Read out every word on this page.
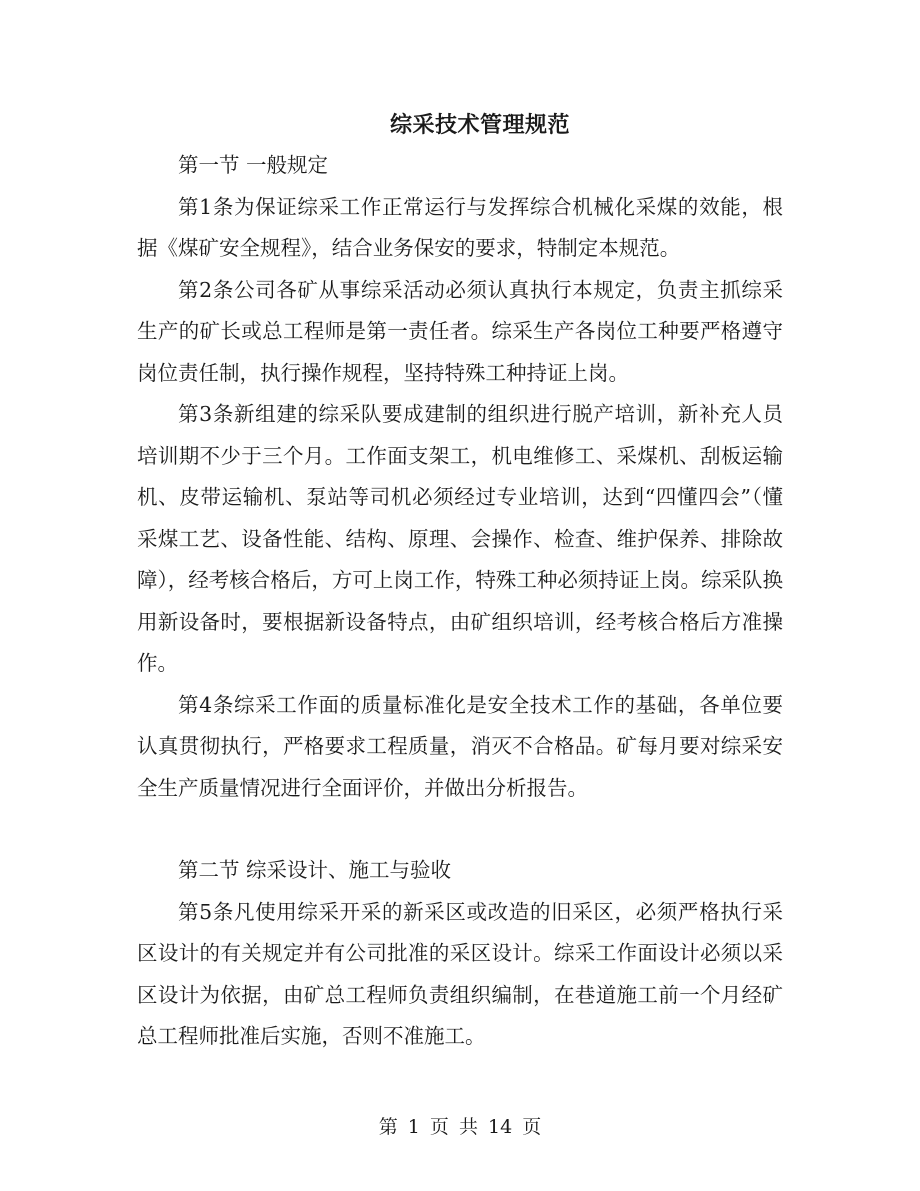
综采技术管理规范

第一节 一般规定

第1条为保证综采工作正常运行与发挥综合机械化采煤的效能，根据《煤矿安全规程》，结合业务保安的要求，特制定本规范。

第2条公司各矿从事综采活动必须认真执行本规定，负责主抓综采生产的矿长或总工程师是第一责任者。综采生产各岗位工种要严格遵守岗位责任制，执行操作规程，坚持特殊工种持证上岗。

第3条新组建的综采队要成建制的组织进行脱产培训，新补充人员培训期不少于三个月。工作面支架工，机电维修工、采煤机、刮板运输机、皮带运输机、泵站等司机必须经过专业培训，达到“四懂四会”（懂采煤工艺、设备性能、结构、原理、会操作、检查、维护保养、排除故障），经考核合格后，方可上岗工作，特殊工种必须持证上岗。综采队换用新设备时，要根据新设备特点，由矿组织培训，经考核合格后方准操作。

第4条综采工作面的质量标准化是安全技术工作的基础，各单位要认真贯彻执行，严格要求工程质量，消灭不合格品。矿每月要对综采安全生产质量情况进行全面评价，并做出分析报告。

第二节 综采设计、施工与验收

第5条凡使用综采开采的新采区或改造的旧采区，必须严格执行采区设计的有关规定并有公司批准的采区设计。综采工作面设计必须以采区设计为依据，由矿总工程师负责组织编制，在巷道施工前一个月经矿总工程师批准后实施，否则不准施工。

第 1 页 共 14 页
